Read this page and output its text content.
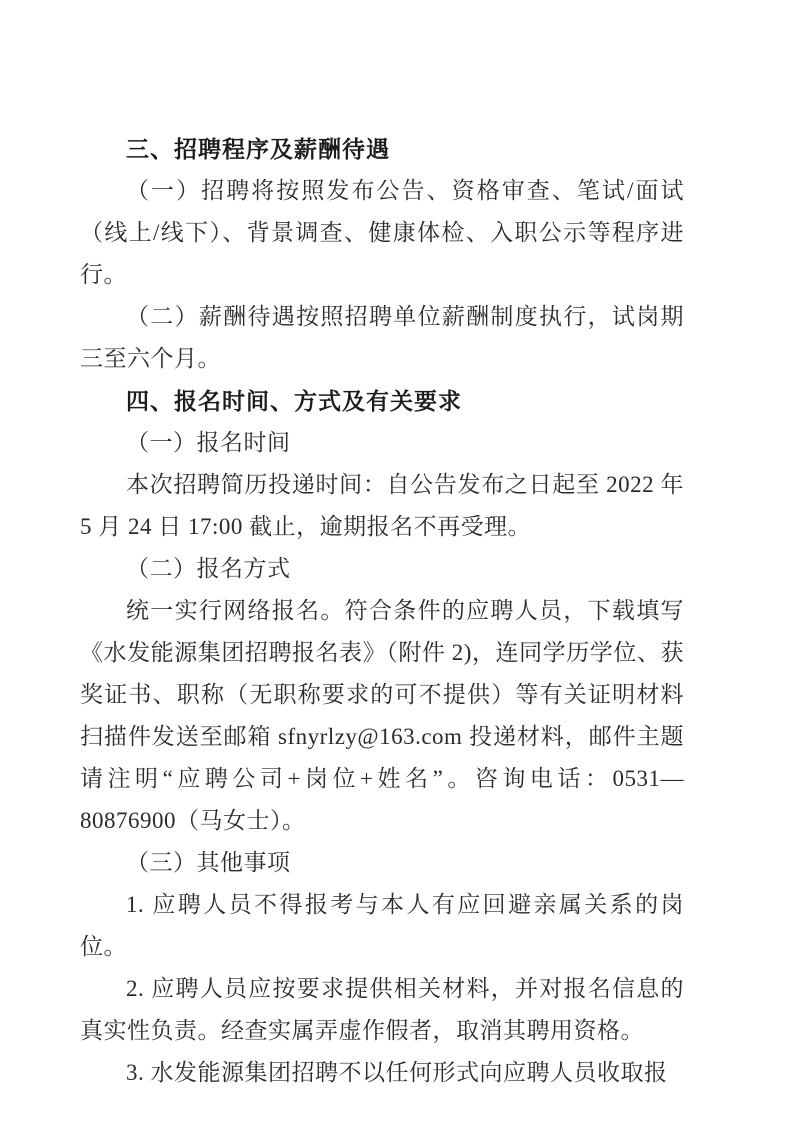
三、招聘程序及薪酬待遇

（一）招聘将按照发布公告、资格审查、笔试/面试（线上/线下）、背景调查、健康体检、入职公示等程序进行。

（二）薪酬待遇按照招聘单位薪酬制度执行，试岗期三至六个月。

四、报名时间、方式及有关要求

（一）报名时间

本次招聘简历投递时间：自公告发布之日起至 2022 年 5 月 24 日 17:00 截止，逾期报名不再受理。

（二）报名方式

统一实行网络报名。符合条件的应聘人员，下载填写《水发能源集团招聘报名表》（附件 2)，连同学历学位、获奖证书、职称（无职称要求的可不提供）等有关证明材料扫描件发送至邮箱 sfnyrlzy@163.com 投递材料，邮件主题请注明“应聘公司+岗位+姓名”。咨询电话：0531—80876900（马女士）。

（三）其他事项

1. 应聘人员不得报考与本人有应回避亲属关系的岗位。

2. 应聘人员应按要求提供相关材料，并对报名信息的真实性负责。经查实属弄虚作假者，取消其聘用资格。

3. 水发能源集团招聘不以任何形式向应聘人员收取报
